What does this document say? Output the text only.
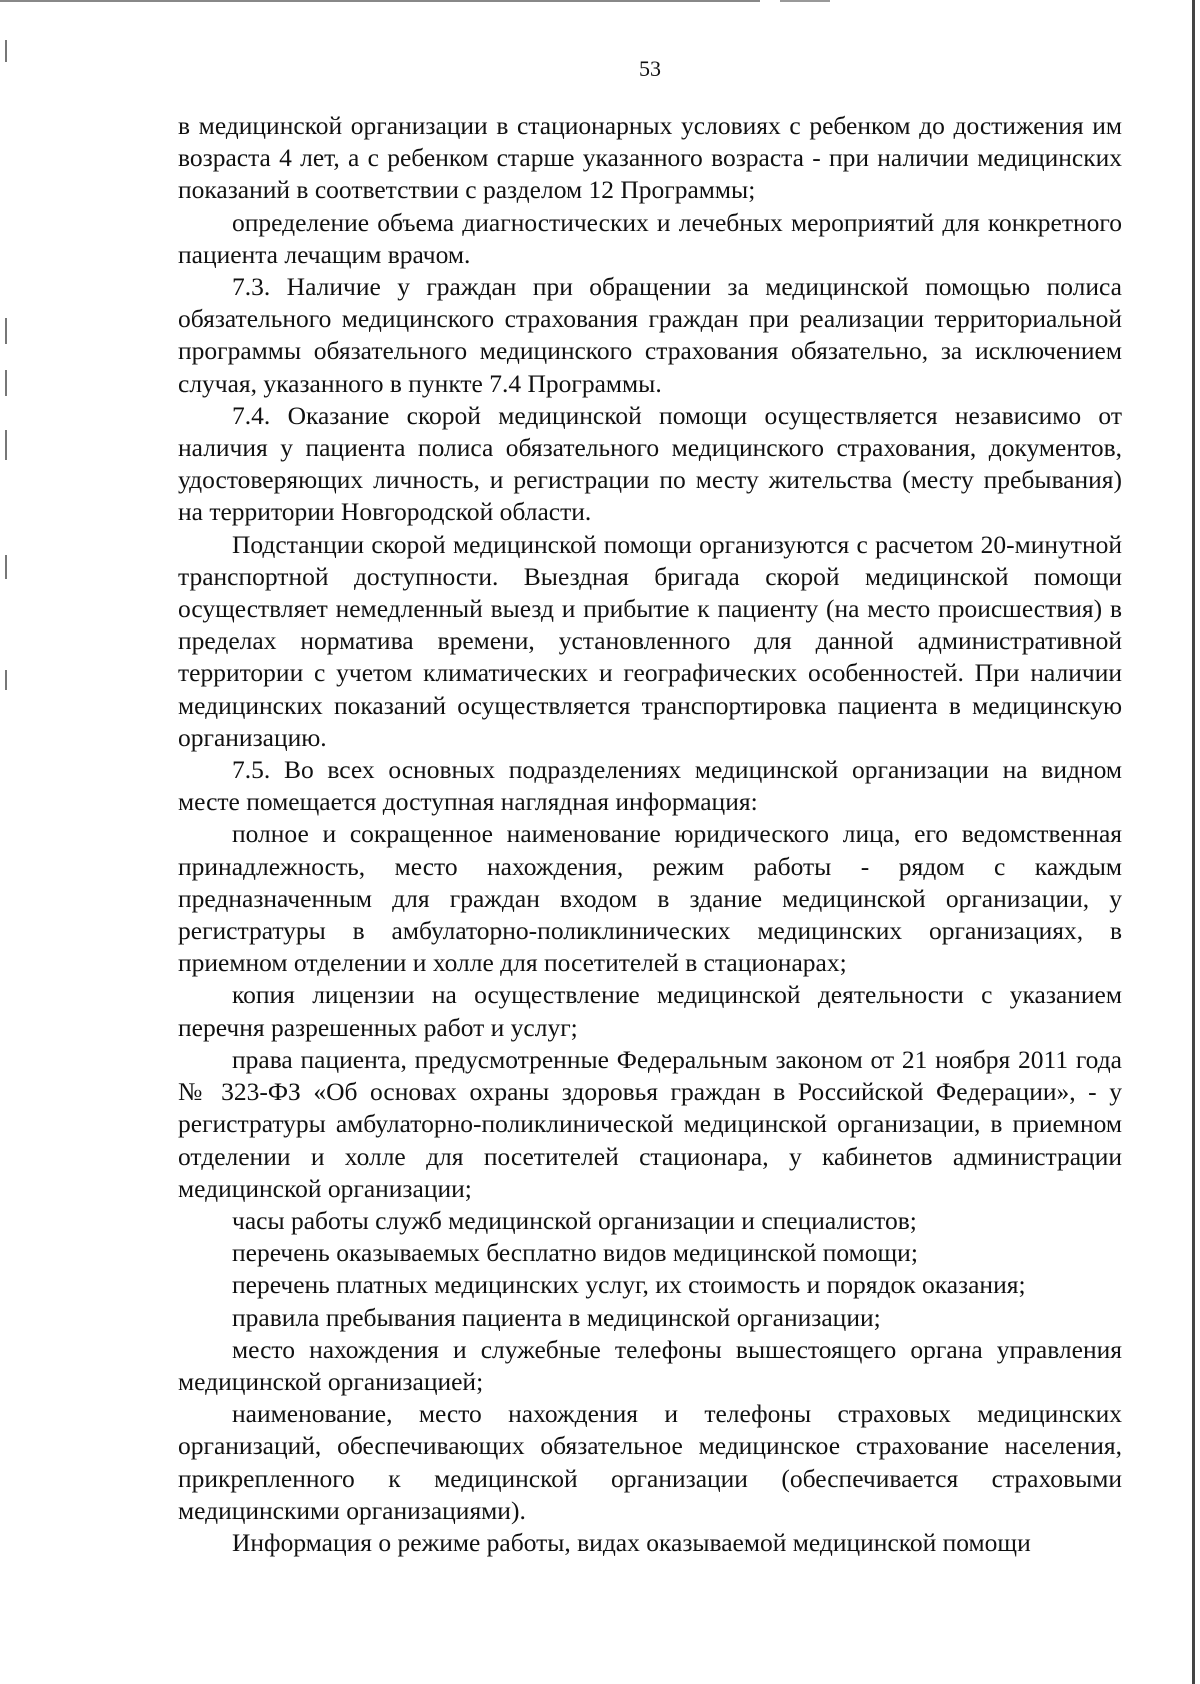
53

в медицинской организации в стационарных условиях с ребенком до достижения им возраста 4 лет, а с ребенком старше указанного возраста - при наличии медицинских показаний в соответствии с разделом 12 Программы;

определение объема диагностических и лечебных мероприятий для конкретного пациента лечащим врачом.

7.3. Наличие у граждан при обращении за медицинской помощью полиса обязательного медицинского страхования граждан при реализации территориальной программы обязательного медицинского страхования обязательно, за исключением случая, указанного в пункте 7.4 Программы.

7.4. Оказание скорой медицинской помощи осуществляется независимо от наличия у пациента полиса обязательного медицинского страхования, документов, удостоверяющих личность, и регистрации по месту жительства (месту пребывания) на территории Новгородской области.

Подстанции скорой медицинской помощи организуются с расчетом 20-минутной транспортной доступности. Выездная бригада скорой медицинской помощи осуществляет немедленный выезд и прибытие к пациенту (на место происшествия) в пределах норматива времени, установленного для данной административной территории с учетом климатических и географических особенностей. При наличии медицинских показаний осуществляется транспортировка пациента в медицинскую организацию.

7.5. Во всех основных подразделениях медицинской организации на видном месте помещается доступная наглядная информация:

полное и сокращенное наименование юридического лица, его ведомственная принадлежность, место нахождения, режим работы - рядом с каждым предназначенным для граждан входом в здание медицинской организации, у регистратуры в амбулаторно-поликлинических медицинских организациях, в приемном отделении и холле для посетителей в стационарах;

копия лицензии на осуществление медицинской деятельности с указанием перечня разрешенных работ и услуг;

права пациента, предусмотренные Федеральным законом от 21 ноября 2011 года № 323-ФЗ «Об основах охраны здоровья граждан в Российской Федерации», - у регистратуры амбулаторно-поликлинической медицинской организации, в приемном отделении и холле для посетителей стационара, у кабинетов администрации медицинской организации;

часы работы служб медицинской организации и специалистов;

перечень оказываемых бесплатно видов медицинской помощи;

перечень платных медицинских услуг, их стоимость и порядок оказания;

правила пребывания пациента в медицинской организации;

место нахождения и служебные телефоны вышестоящего органа управления медицинской организацией;

наименование, место нахождения и телефоны страховых медицинских организаций, обеспечивающих обязательное медицинское страхование населения, прикрепленного к медицинской организации (обеспечивается страховыми медицинскими организациями).

Информация о режиме работы, видах оказываемой медицинской помощи
